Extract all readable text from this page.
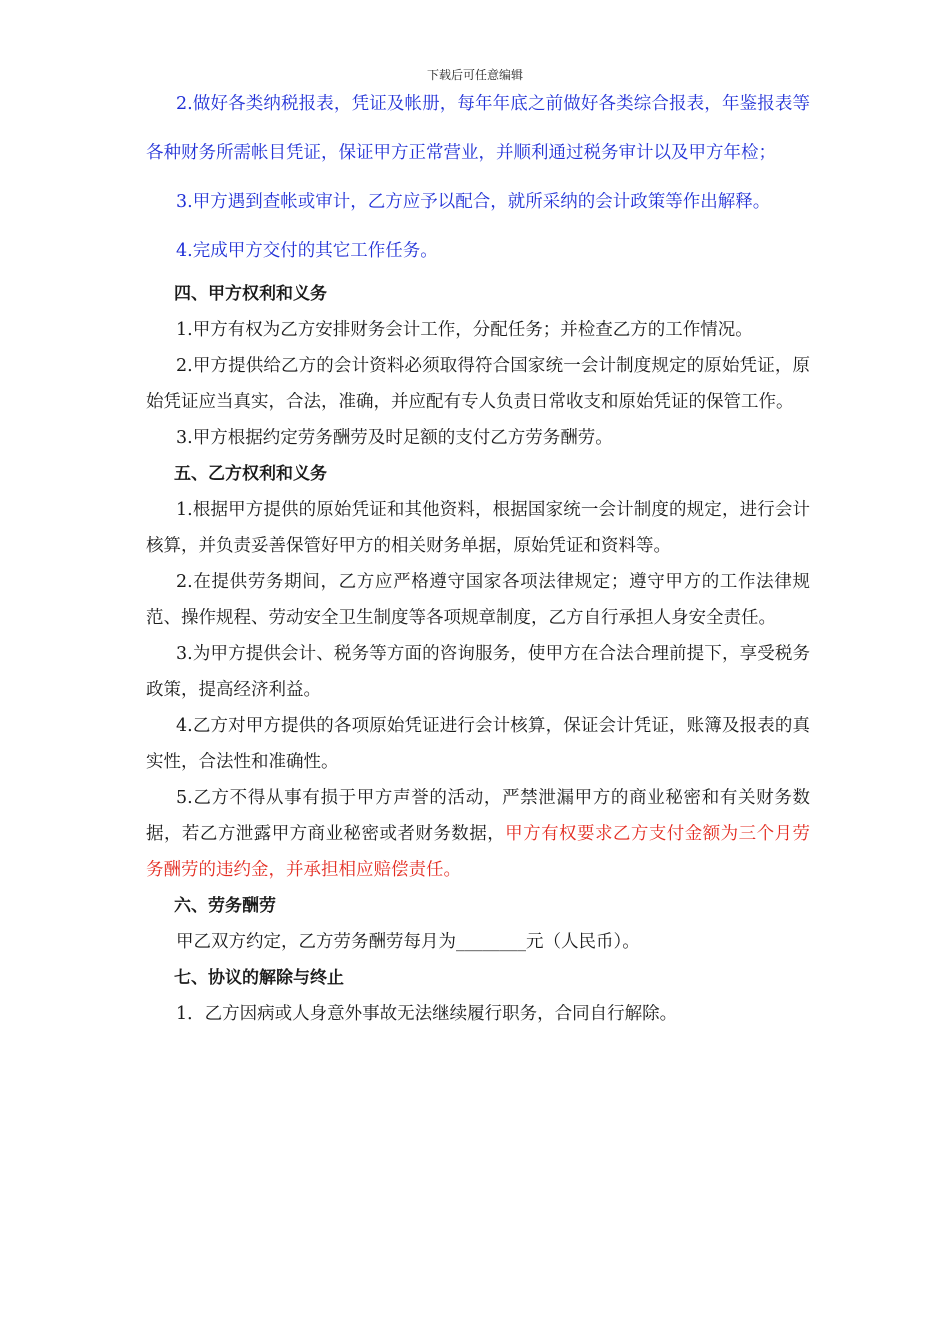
下载后可任意编辑

2.做好各类纳税报表，凭证及帐册，每年年底之前做好各类综合报表，年鉴报表等各种财务所需帐目凭证，保证甲方正常营业，并顺利通过税务审计以及甲方年检；

3.甲方遇到查帐或审计，乙方应予以配合，就所采纳的会计政策等作出解释。

4.完成甲方交付的其它工作任务。

四、甲方权利和义务

1.甲方有权为乙方安排财务会计工作，分配任务；并检查乙方的工作情况。

2.甲方提供给乙方的会计资料必须取得符合国家统一会计制度规定的原始凭证，原始凭证应当真实，合法，准确，并应配有专人负责日常收支和原始凭证的保管工作。

3.甲方根据约定劳务酬劳及时足额的支付乙方劳务酬劳。

五、乙方权利和义务

1.根据甲方提供的原始凭证和其他资料，根据国家统一会计制度的规定，进行会计核算，并负责妥善保管好甲方的相关财务单据，原始凭证和资料等。

2.在提供劳务期间，乙方应严格遵守国家各项法律规定；遵守甲方的工作法律规范、操作规程、劳动安全卫生制度等各项规章制度，乙方自行承担人身安全责任。

3.为甲方提供会计、税务等方面的咨询服务，使甲方在合法合理前提下，享受税务政策，提高经济利益。

4.乙方对甲方提供的各项原始凭证进行会计核算，保证会计凭证，账簿及报表的真实性，合法性和准确性。

5.乙方不得从事有损于甲方声誉的活动，严禁泄漏甲方的商业秘密和有关财务数据，若乙方泄露甲方商业秘密或者财务数据，甲方有权要求乙方支付金额为三个月劳务酬劳的违约金，并承担相应赔偿责任。

六、劳务酬劳

甲乙双方约定，乙方劳务酬劳每月为________元（人民币）。

七、协议的解除与终止

1．乙方因病或人身意外事故无法继续履行职务，合同自行解除。
